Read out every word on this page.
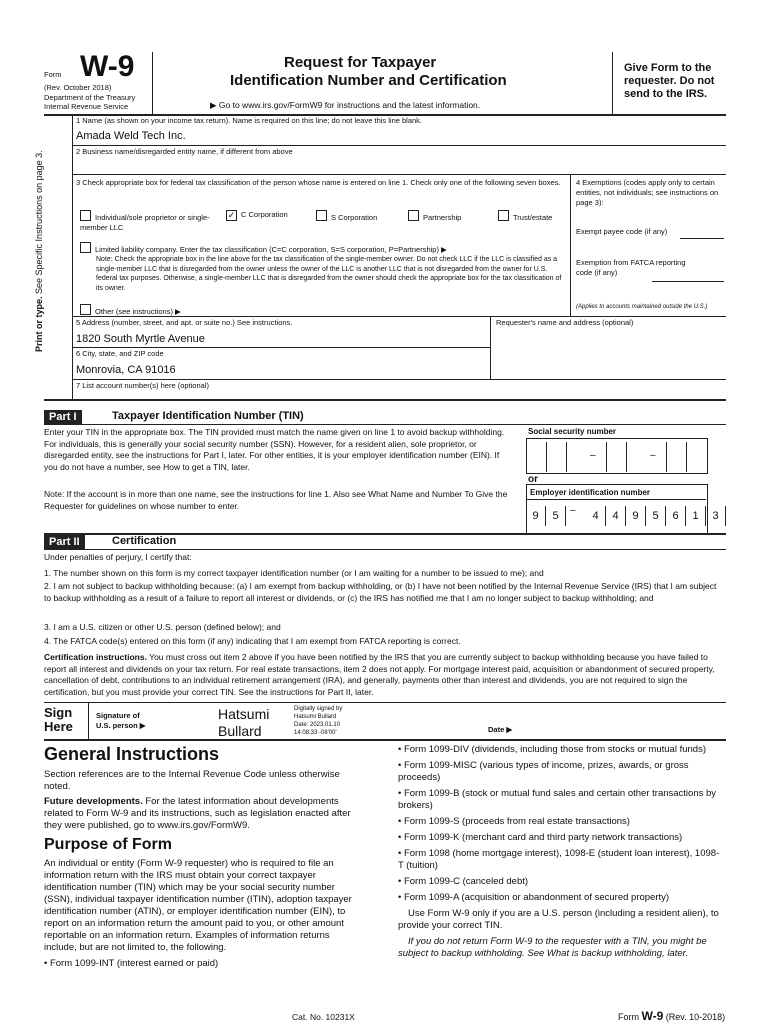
Form W-9
(Rev. October 2018)
Department of the Treasury
Internal Revenue Service
Request for Taxpayer
Identification Number and Certification
▶ Go to www.irs.gov/FormW9 for instructions and the latest information.
Give Form to the
requester. Do not
send to the IRS.
Print or type. See Specific Instructions on page 3.
1 Name (as shown on your income tax return). Name is required on this line; do not leave this line blank.
Amada Weld Tech Inc.
2 Business name/disregarded entity name, if different from above
3 Check appropriate box for federal tax classification of the person whose name is entered on line 1. Check only one of the following seven boxes.
Individual/sole proprietor or single-member LLC
✓ C Corporation	S Corporation	Partnership	Trust/estate
Limited liability company. Enter the tax classification (C=C corporation, S=S corporation, P=Partnership) ▶
Note: Check the appropriate box in the line above for the tax classification of the single-member owner. Do not check LLC if the LLC is classified as a single-member LLC that is disregarded from the owner unless the owner of the LLC is another LLC that is not disregarded from the owner for U.S. federal tax purposes. Otherwise, a single-member LLC that is disregarded from the owner should check the appropriate box for the tax classification of its owner.
Other (see instructions) ▶
4 Exemptions (codes apply only to certain entities, not individuals; see instructions on page 3):
Exempt payee code (if any)
Exemption from FATCA reporting code (if any)
(Applies to accounts maintained outside the U.S.)
5 Address (number, street, and apt. or suite no.) See instructions.
1820 South Myrtle Avenue
Requester's name and address (optional)
6 City, state, and ZIP code
Monrovia, CA 91016
7 List account number(s) here (optional)
Part I	Taxpayer Identification Number (TIN)
Enter your TIN in the appropriate box. The TIN provided must match the name given on line 1 to avoid backup withholding. For individuals, this is generally your social security number (SSN). However, for a resident alien, sole proprietor, or disregarded entity, see the instructions for Part I, later. For other entities, it is your employer identification number (EIN). If you do not have a number, see How to get a TIN, later.
Note: If the account is in more than one name, see the instructions for line 1. Also see What Name and Number To Give the Requester for guidelines on whose number to enter.
Social security number
–	–
or
Employer identification number
–
9	5	4	4	9	5	6	1	3
Part II	Certification
Under penalties of perjury, I certify that:
1. The number shown on this form is my correct taxpayer identification number (or I am waiting for a number to be issued to me); and
2. I am not subject to backup withholding because: (a) I am exempt from backup withholding, or (b) I have not been notified by the Internal Revenue Service (IRS) that I am subject to backup withholding as a result of a failure to report all interest or dividends, or (c) the IRS has notified me that I am no longer subject to backup withholding; and
3. I am a U.S. citizen or other U.S. person (defined below); and
4. The FATCA code(s) entered on this form (if any) indicating that I am exempt from FATCA reporting is correct.
Certification instructions. You must cross out item 2 above if you have been notified by the IRS that you are currently subject to backup withholding because you have failed to report all interest and dividends on your tax return. For real estate transactions, item 2 does not apply. For mortgage interest paid, acquisition or abandonment of secured property, cancellation of debt, contributions to an individual retirement arrangement (IRA), and generally, payments other than interest and dividends, you are not required to sign the certification, but you must provide your correct TIN. See the instructions for Part II, later.
Sign
Here
Signature of
U.S. person ▶
Hatsumi
Bullard
Digitally signed by
Hatsumi Bullard
Date: 2023.01.10
14:08:33 -08'00'	Date ▶
General Instructions
Section references are to the Internal Revenue Code unless otherwise noted.
Future developments. For the latest information about developments related to Form W-9 and its instructions, such as legislation enacted after they were published, go to www.irs.gov/FormW9.
Purpose of Form
An individual or entity (Form W-9 requester) who is required to file an information return with the IRS must obtain your correct taxpayer identification number (TIN) which may be your social security number (SSN), individual taxpayer identification number (ITIN), adoption taxpayer identification number (ATIN), or employer identification number (EIN), to report on an information return the amount paid to you, or other amount reportable on an information return. Examples of information returns include, but are not limited to, the following.
• Form 1099-INT (interest earned or paid)

• Form 1099-DIV (dividends, including those from stocks or mutual funds)

• Form 1099-MISC (various types of income, prizes, awards, or gross proceeds)

• Form 1099-B (stock or mutual fund sales and certain other transactions by brokers)

• Form 1099-S (proceeds from real estate transactions)

• Form 1099-K (merchant card and third party network transactions)

• Form 1098 (home mortgage interest), 1098-E (student loan interest), 1098-T (tuition)

• Form 1099-C (canceled debt)

• Form 1099-A (acquisition or abandonment of secured property)

Use Form W-9 only if you are a U.S. person (including a resident alien), to provide your correct TIN.

If you do not return Form W-9 to the requester with a TIN, you might be subject to backup withholding. See What is backup withholding, later.

Cat. No. 10231X	Form W-9 (Rev. 10-2018)
